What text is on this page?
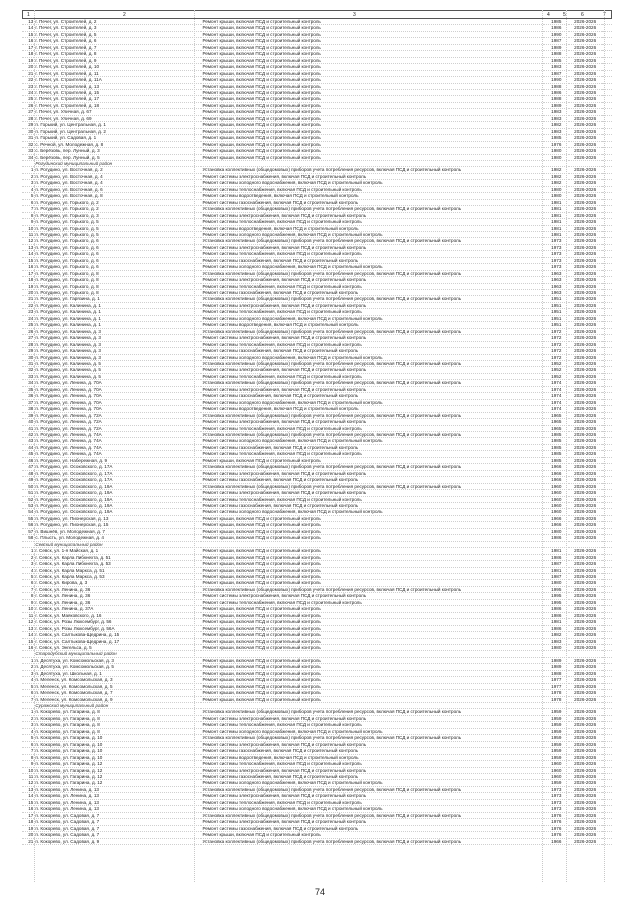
1	2	3	4	5	6	7
13	г. Печег, ул. Строителей, д. 2	Ремонт крыши, включая ПСД и строительный контроль	1985	2026-2026	
14	г. Печег, ул. Строителей, д. 3	Ремонт крыши, включая ПСД и строительный контроль	1986	2026-2026	
15	г. Печег, ул. Строителей, д. 5	Ремонт крыши, включая ПСД и строительный контроль	1990	2026-2026	
16	г. Печег, ул. Строителей, д. 6	Ремонт крыши, включая ПСД и строительный контроль	1987	2026-2026	
17	г. Печег, ул. Строителей, д. 7	Ремонт крыши, включая ПСД и строительный контроль	1989	2026-2026	
18	г. Печег, ул. Строителей, д. 8	Ремонт крыши, включая ПСД и строительный контроль	1988	2026-2026	
19	г. Печег, ул. Строителей, д. 9	Ремонт крыши, включая ПСД и строительный контроль	1985	2026-2026	
20	г. Печег, ул. Строителей, д. 10	Ремонт крыши, включая ПСД и строительный контроль	1983	2026-2026	
21	г. Печег, ул. Строителей, д. 11	Ремонт крыши, включая ПСД и строительный контроль	1987	2026-2026	
22	г. Печег, ул. Строителей, д. 11А	Ремонт крыши, включая ПСД и строительный контроль	1990	2026-2026	
23	г. Печег, ул. Строителей, д. 13	Ремонт крыши, включая ПСД и строительный контроль	1988	2026-2026	
24	г. Печег, ул. Строителей, д. 15	Ремонт крыши, включая ПСД и строительный контроль	1986	2026-2026	
25	г. Печег, ул. Строителей, д. 17	Ремонт крыши, включая ПСД и строительный контроль	1988	2026-2026	
26	г. Печег, ул. Строителей, д. 18	Ремонт крыши, включая ПСД и строительный контроль	1989	2026-2026	
27	г. Печег, ул. Уличная, д. 67	Ремонт крыши, включая ПСД и строительный контроль	1983	2026-2026	
28	г. Печег, ул. Уличная, д. 69	Ремонт крыши, включая ПСД и строительный контроль	1983	2026-2026	
29	п. Горький, ул. Центральная, д. 1	Ремонт крыши, включая ПСД и строительный контроль	1982	2026-2026	
30	п. Горький, ул. Центральная, д. 2	Ремонт крыши, включая ПСД и строительный контроль	1983	2026-2026	
31	п. Горький, ул. Садовая, д. 1	Ремонт крыши, включая ПСД и строительный контроль	1985	2026-2026	
32	с. Речной, ул. Молодежная, д. 8	Ремонт крыши, включая ПСД и строительный контроль	1976	2026-2026	
33	с. Берёзовь, пер. Лунный, д. 3	Ремонт крыши, включая ПСД и строительный контроль	1980	2026-2026	
34	с. Берёзовь, пер. Лунный, д. 5	Ремонт крыши, включая ПСД и строительный контроль	1980	2026-2026	
	Рогудинский муниципальный район				
1	п. Рогудино, ул. Восточная, д. 2	Установка коллективных (общедомовых) приборов учета потребления ресурсов, включая ПСД и строительный контроль	1982	2026-2026	
2	п. Рогудино, ул. Восточная, д. 4	Ремонт системы электроснабжения, включая ПСД и строительный контроль	1982	2026-2026	
3	п. Рогудино, ул. Восточная, д. 4	Ремонт системы холодного водоснабжения, включая ПСД и строительный контроль	1982	2026-2026	
4	п. Рогудино, ул. Восточная, д. 6	Ремонт системы теплоснабжения, включая ПСД и строительный контроль	1980	2026-2026	
5	п. Рогудино, ул. Восточная, д. 8	Ремонт системы водоотведения, включая ПСД и строительный контроль	1980	2026-2026	
6	п. Рогудино, ул. Горького, д. 2	Ремонт системы газоснабжения, включая ПСД и строительный контроль	1981	2026-2026	
7	п. Рогудино, ул. Горького, д. 2	Установка коллективных (общедомовых) приборов учета потребления ресурсов, включая ПСД и строительный контроль	1981	2026-2026	
8	п. Рогудино, ул. Горького, д. 3	Ремонт системы электроснабжения, включая ПСД и строительный контроль	1981	2026-2026	
9	п. Рогудино, ул. Горького, д. 5	Ремонт системы теплоснабжения, включая ПСД и строительный контроль	1981	2026-2026	
10	п. Рогудино, ул. Горького, д. 5	Ремонт системы водоотведения, включая ПСД и строительный контроль	1981	2026-2026	
11	п. Рогудино, ул. Горького, д. 5	Ремонт системы холодного водоснабжения, включая ПСД и строительный контроль	1981	2026-2026	
12	п. Рогудино, ул. Горького, д. 6	Установка коллективных (общедомовых) приборов учета потребления ресурсов, включая ПСД и строительный контроль	1973	2026-2026	
13	п. Рогудино, ул. Горького, д. 6	Ремонт системы электроснабжения, включая ПСД и строительный контроль	1973	2026-2026	
14	п. Рогудино, ул. Горького, д. 6	Ремонт системы теплоснабжения, включая ПСД и строительный контроль	1973	2026-2026	
15	п. Рогудино, ул. Горького, д. 6	Ремонт системы газоснабжения, включая ПСД и строительный контроль	1973	2026-2026	
16	п. Рогудино, ул. Горького, д. 6	Ремонт системы холодного водоснабжения, включая ПСД и строительный контроль	1973	2026-2026	
17	п. Рогудино, ул. Горького, д. 8	Установка коллективных (общедомовых) приборов учета потребления ресурсов, включая ПСД и строительный контроль	1963	2026-2026	
18	п. Рогудино, ул. Горького, д. 8	Ремонт системы электроснабжения, включая ПСД и строительный контроль	1963	2026-2026	
19	п. Рогудино, ул. Горького, д. 8	Ремонт системы теплоснабжения, включая ПСД и строительный контроль	1963	2026-2026	
20	п. Рогудино, ул. Горького, д. 8	Ремонт системы газоснабжения, включая ПСД и строительный контроль	1963	2026-2026	
21	п. Рогудино, ул. Гарязина, д. 1	Установка коллективных (общедомовых) приборов учета потребления ресурсов, включая ПСД и строительный контроль	1951	2026-2026	
22	п. Рогудино, ул. Калинина, д. 1	Ремонт системы электроснабжения, включая ПСД и строительный контроль	1951	2026-2026	
23	п. Рогудино, ул. Калинина, д. 1	Ремонт системы теплоснабжения, включая ПСД и строительный контроль	1951	2026-2026	
24	п. Рогудино, ул. Калинина, д. 1	Ремонт системы холодного водоснабжения, включая ПСД и строительный контроль	1951	2026-2026	
25	п. Рогудино, ул. Калинина, д. 1	Ремонт системы водоотведения, включая ПСД и строительный контроль	1951	2026-2026	
26	п. Рогудино, ул. Калинина, д. 3	Установка коллективных (общедомовых) приборов учета потребления ресурсов, включая ПСД и строительный контроль	1972	2026-2026	
27	п. Рогудино, ул. Калинина, д. 3	Ремонт системы электроснабжения, включая ПСД и строительный контроль	1972	2026-2026	
28	п. Рогудино, ул. Калинина, д. 3	Ремонт системы теплоснабжения, включая ПСД и строительный контроль	1972	2026-2026	
29	п. Рогудино, ул. Калинина, д. 3	Ремонт системы газоснабжения, включая ПСД и строительный контроль	1972	2026-2026	
30	п. Рогудино, ул. Калинина, д. 3	Ремонт системы холодного водоснабжения, включая ПСД и строительный контроль	1972	2026-2026	
31	п. Рогудино, ул. Калинина, д. 5	Установка коллективных (общедомовых) приборов учета потребления ресурсов, включая ПСД и строительный контроль	1952	2026-2026	
32	п. Рогудино, ул. Калинина, д. 5	Ремонт системы электроснабжения, включая ПСД и строительный контроль	1952	2026-2026	
33	п. Рогудино, ул. Калинина, д. 5	Ремонт системы теплоснабжения, включая ПСД и строительный контроль	1952	2026-2026	
34	п. Рогудино, ул. Ленина, д. 70А	Установка коллективных (общедомовых) приборов учета потребления ресурсов, включая ПСД и строительный контроль	1974	2026-2026	
35	п. Рогудино, ул. Ленина, д. 70А	Ремонт системы электроснабжения, включая ПСД и строительный контроль	1974	2026-2026	
36	п. Рогудино, ул. Ленина, д. 70А	Ремонт системы газоснабжения, включая ПСД и строительный контроль	1974	2026-2026	
37	п. Рогудино, ул. Ленина, д. 70А	Ремонт системы холодного водоснабжения, включая ПСД и строительный контроль	1974	2026-2026	
38	п. Рогудино, ул. Ленина, д. 70А	Ремонт системы водоотведения, включая ПСД и строительный контроль	1974	2026-2026	
39	п. Рогудино, ул. Ленина, д. 72А	Установка коллективных (общедомовых) приборов учета потребления ресурсов, включая ПСД и строительный контроль	1965	2026-2026	
40	п. Рогудино, ул. Ленина, д. 72А	Ремонт системы электроснабжения, включая ПСД и строительный контроль	1965	2026-2026	
41	п. Рогудино, ул. Ленина, д. 72А	Ремонт системы теплоснабжения, включая ПСД и строительный контроль	1965	2026-2026	
42	п. Рогудино, ул. Ленина, д. 74А	Установка коллективных (общедомовых) приборов учета потребления ресурсов, включая ПСД и строительный контроль	1985	2026-2026	
43	п. Рогудино, ул. Ленина, д. 74А	Ремонт системы холодного водоснабжения, включая ПСД и строительный контроль	1985	2026-2026	
44	п. Рогудино, ул. Ленина, д. 74А	Ремонт системы газоснабжения, включая ПСД и строительный контроль	1985	2026-2026	
45	п. Рогудино, ул. Ленина, д. 74А	Ремонт системы теплоснабжения, включая ПСД и строительный контроль	1985	2026-2026	
46	п. Рогудино, ул. Набережная, д. 9	Ремонт крыши, включая ПСД и строительный контроль	1985	2026-2026	
47	п. Рогудино, ул. Осоковского, д. 17А	Установка коллективных (общедомовых) приборов учета потребления ресурсов, включая ПСД и строительный контроль	1966	2026-2026	
48	п. Рогудино, ул. Осоковского, д. 17А	Ремонт системы электроснабжения, включая ПСД и строительный контроль	1966	2026-2026	
49	п. Рогудино, ул. Осоковского, д. 17А	Ремонт системы газоснабжения, включая ПСД и строительный контроль	1966	2026-2026	
50	п. Рогудино, ул. Осоковского, д. 19А	Установка коллективных (общедомовых) приборов учета потребления ресурсов, включая ПСД и строительный контроль	1960	2026-2026	
51	п. Рогудино, ул. Осоковского, д. 19А	Ремонт системы электроснабжения, включая ПСД и строительный контроль	1960	2026-2026	
52	п. Рогудино, ул. Осоковского, д. 19А	Ремонт системы теплоснабжения, включая ПСД и строительный контроль	1960	2026-2026	
53	п. Рогудино, ул. Осоковского, д. 19А	Ремонт системы газоснабжения, включая ПСД и строительный контроль	1960	2026-2026	
54	п. Рогудино, ул. Осоковского, д. 19А	Ремонт системы холодного водоснабжения, включая ПСД и строительный контроль	1960	2026-2026	
55	п. Рогудино, ул. Пионерская, д. 13	Ремонт крыши, включая ПСД и строительный контроль	1966	2026-2026	
56	п. Рогудино, ул. Пионерская, д. 15	Ремонт крыши, включая ПСД и строительный контроль	1966	2026-2026	
57	п. Вишнёв, ул. Молодежная, д. 7	Ремонт крыши, включая ПСД и строительный контроль	1980	2026-2026	
58	с. Плысть, ул. Молодежная, д. 4	Ремонт крыши, включая ПСД и строительный контроль	1986	2026-2026	
	Севский муниципальный район				
1	г. Севск, ул. 1-я Майская, д. 1	Ремонт крыши, включая ПСД и строительный контроль	1981	2026-2026	
2	г. Севск, ул. Карла Либкнехта, д. 51	Ремонт крыши, включая ПСД и строительный контроль	1986	2026-2026	
3	г. Севск, ул. Карла Либкнехта, д. 53	Ремонт крыши, включая ПСД и строительный контроль	1987	2026-2026	
4	г. Севск, ул. Карла Маркса, д. 51	Ремонт крыши, включая ПСД и строительный контроль	1981	2026-2026	
5	г. Севск, ул. Карла Маркса, д. 53	Ремонт крыши, включая ПСД и строительный контроль	1987	2026-2026	
6	г. Севск, ул. Кирова, д. 3	Ремонт крыши, включая ПСД и строительный контроль	1980	2026-2026	
7	г. Севск, ул. Ленина, д. 36	Установка коллективных (общедомовых) приборов учета потребления ресурсов, включая ПСД и строительный контроль	1995	2026-2026	
8	г. Севск, ул. Ленина, д. 36	Ремонт системы электроснабжения, включая ПСД и строительный контроль	1995	2026-2026	
9	г. Севск, ул. Ленина, д. 36	Ремонт системы теплоснабжения, включая ПСД и строительный контроль	1995	2026-2026	
10	г. Севск, ул. Ленина, д. 37А	Ремонт крыши, включая ПСД и строительный контроль	1986	2026-2026	
11	г. Севск, ул. Маяковского, д. 16	Ремонт крыши, включая ПСД и строительный контроль	1986	2026-2026	
12	г. Севск, ул. Розы Люксембург, д. 56	Ремонт крыши, включая ПСД и строительный контроль	1981	2026-2026	
13	г. Севск, ул. Розы Люксембург, д. 56А	Ремонт крыши, включая ПСД и строительный контроль	1986	2026-2026	
14	г. Севск, ул. Салтыкова-Щедрина, д. 15	Ремонт крыши, включая ПСД и строительный контроль	1982	2026-2026	
15	г. Севск, ул. Салтыкова-Щедрина, д. 17	Ремонт крыши, включая ПСД и строительный контроль	1983	2026-2026	
16	г. Севск, ул. Энгельса, д. 5	Ремонт крыши, включая ПСД и строительный контроль	1980	2026-2026	
	Стародубский муниципальный район				
1	п. Десятуха, ул. Комсомольская, д. 3	Ремонт крыши, включая ПСД и строительный контроль	1989	2026-2026	
2	п. Десятуха, ул. Комсомольская, д. 5	Ремонт крыши, включая ПСД и строительный контроль	1989	2026-2026	
3	п. Десятуха, ул. Школьная, д. 1	Ремонт крыши, включая ПСД и строительный контроль	1988	2026-2026	
4	п. Меленск, ул. Комсомольская, д. 3	Ремонт крыши, включая ПСД и строительный контроль	1977	2026-2026	
5	п. Меленск, ул. Комсомольская, д. 5	Ремонт крыши, включая ПСД и строительный контроль	1977	2026-2026	
6	п. Меленск, ул. Комсомольская, д. 7	Ремонт крыши, включая ПСД и строительный контроль	1978	2026-2026	
7	п. Меленск, ул. Комсомольская, д. 9	Ремонт крыши, включая ПСД и строительный контроль	1978	2026-2026	
	Суражский муниципальный район				
1	п. Кокорево, ул. Гагарина, д. 8	Установка коллективных (общедомовых) приборов учета потребления ресурсов, включая ПСД и строительный контроль	1959	2026-2026	
2	п. Кокорево, ул. Гагарина, д. 8	Ремонт системы электроснабжения, включая ПСД и строительный контроль	1959	2026-2026	
3	п. Кокорево, ул. Гагарина, д. 8	Ремонт системы теплоснабжения, включая ПСД и строительный контроль	1959	2026-2026	
4	п. Кокорево, ул. Гагарина, д. 8	Ремонт системы холодного водоснабжения, включая ПСД и строительный контроль	1959	2026-2026	
5	п. Кокорево, ул. Гагарина, д. 10	Установка коллективных (общедомовых) приборов учета потребления ресурсов, включая ПСД и строительный контроль	1959	2026-2026	
6	п. Кокорево, ул. Гагарина, д. 10	Ремонт системы электроснабжения, включая ПСД и строительный контроль	1959	2026-2026	
7	п. Кокорево, ул. Гагарина, д. 10	Ремонт системы газоснабжения, включая ПСД и строительный контроль	1959	2026-2026	
8	п. Кокорево, ул. Гагарина, д. 10	Ремонт системы водоотведения, включая ПСД и строительный контроль	1959	2026-2026	
9	п. Кокорево, ул. Гагарина, д. 12	Ремонт системы теплоснабжения, включая ПСД и строительный контроль	1960	2026-2026	
10	п. Кокорево, ул. Гагарина, д. 12	Ремонт системы электроснабжения, включая ПСД и строительный контроль	1960	2026-2026	
11	п. Кокорево, ул. Гагарина, д. 12	Ремонт системы газоснабжения, включая ПСД и строительный контроль	1960	2026-2026	
12	п. Кокорево, ул. Гагарина, д. 12	Ремонт системы холодного водоснабжения, включая ПСД и строительный контроль	1959	2026-2026	
13	п. Кокорево, ул. Ленина, д. 13	Установка коллективных (общедомовых) приборов учета потребления ресурсов, включая ПСД и строительный контроль	1973	2026-2026	
14	п. Кокорево, ул. Ленина, д. 13	Ремонт системы электроснабжения, включая ПСД и строительный контроль	1973	2026-2026	
15	п. Кокорево, ул. Ленина, д. 13	Ремонт системы теплоснабжения, включая ПСД и строительный контроль	1973	2026-2026	
16	п. Кокорево, ул. Ленина, д. 13	Ремонт системы холодного водоснабжения, включая ПСД и строительный контроль	1973	2026-2026	
17	п. Кокорево, ул. Садовая, д. 7	Установка коллективных (общедомовых) приборов учета потребления ресурсов, включая ПСД и строительный контроль	1976	2026-2026	
18	п. Кокорево, ул. Садовая, д. 7	Ремонт системы электроснабжения, включая ПСД и строительный контроль	1976	2026-2026	
19	п. Кокорево, ул. Садовая, д. 7	Ремонт системы газоснабжения, включая ПСД и строительный контроль	1976	2026-2026	
20	п. Кокорево, ул. Садовая, д. 7	Ремонт крыши, включая ПСД и строительный контроль	1976	2026-2026	
21	п. Кокорево, ул. Садовая, д. 9	Установка коллективных (общедомовых) приборов учета потребления ресурсов, включая ПСД и строительный контроль	1966	2026-2026	
74
